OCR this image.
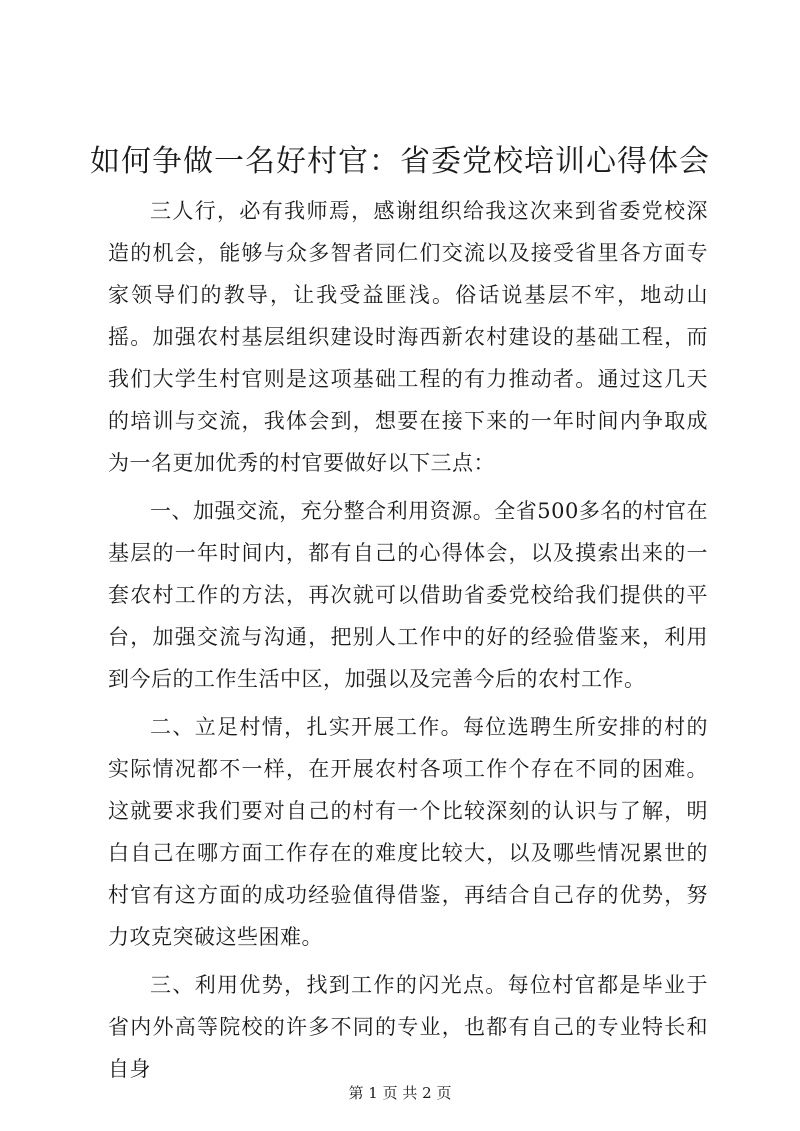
如何争做一名好村官：省委党校培训心得体会

三人行，必有我师焉，感谢组织给我这次来到省委党校深造的机会，能够与众多智者同仁们交流以及接受省里各方面专家领导们的教导，让我受益匪浅。俗话说基层不牢，地动山摇。加强农村基层组织建设时海西新农村建设的基础工程，而我们大学生村官则是这项基础工程的有力推动者。通过这几天的培训与交流，我体会到，想要在接下来的一年时间内争取成为一名更加优秀的村官要做好以下三点：

一、加强交流，充分整合利用资源。全省500多名的村官在基层的一年时间内，都有自己的心得体会，以及摸索出来的一套农村工作的方法，再次就可以借助省委党校给我们提供的平台，加强交流与沟通，把别人工作中的好的经验借鉴来，利用到今后的工作生活中区，加强以及完善今后的农村工作。

二、立足村情，扎实开展工作。每位选聘生所安排的村的实际情况都不一样，在开展农村各项工作个存在不同的困难。这就要求我们要对自己的村有一个比较深刻的认识与了解，明白自己在哪方面工作存在的难度比较大，以及哪些情况累世的村官有这方面的成功经验值得借鉴，再结合自己存的优势，努力攻克突破这些困难。

三、利用优势，找到工作的闪光点。每位村官都是毕业于省内外高等院校的许多不同的专业，也都有自己的专业特长和自身

第 1 页 共 2 页
